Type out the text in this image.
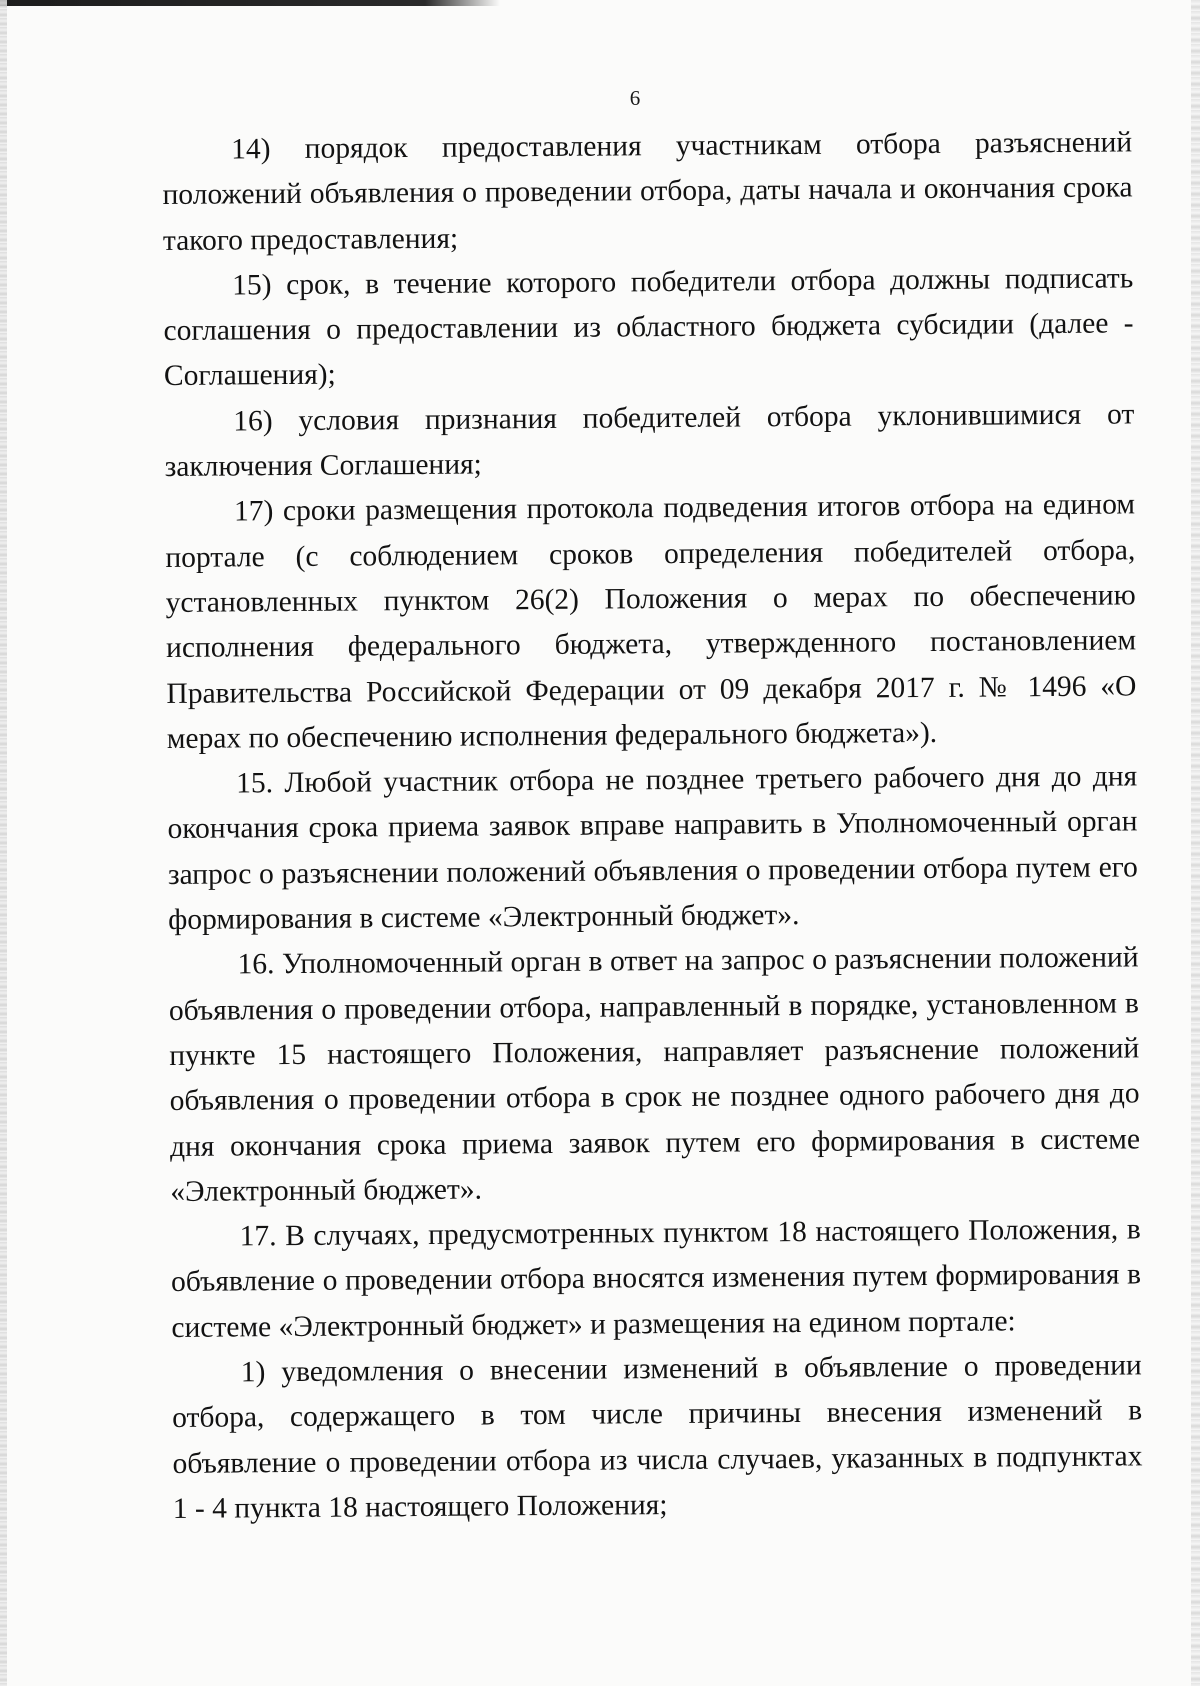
6

14) порядок предоставления участникам отбора разъяснений положений объявления о проведении отбора, даты начала и окончания срока такого предоставления;

15) срок, в течение которого победители отбора должны подписать соглашения о предоставлении из областного бюджета субсидии (далее - Соглашения);

16) условия признания победителей отбора уклонившимися от заключения Соглашения;

17) сроки размещения протокола подведения итогов отбора на едином портале (с соблюдением сроков определения победителей отбора, установленных пунктом 26(2) Положения о мерах по обеспечению исполнения федерального бюджета, утвержденного постановлением Правительства Российской Федерации от 09 декабря 2017 г. № 1496 «О мерах по обеспечению исполнения федерального бюджета»).

15. Любой участник отбора не позднее третьего рабочего дня до дня окончания срока приема заявок вправе направить в Уполномоченный орган запрос о разъяснении положений объявления о проведении отбора путем его формирования в системе «Электронный бюджет».

16. Уполномоченный орган в ответ на запрос о разъяснении положений объявления о проведении отбора, направленный в порядке, установленном в пункте 15 настоящего Положения, направляет разъяснение положений объявления о проведении отбора в срок не позднее одного рабочего дня до дня окончания срока приема заявок путем его формирования в системе «Электронный бюджет».

17. В случаях, предусмотренных пунктом 18 настоящего Положения, в объявление о проведении отбора вносятся изменения путем формирования в системе «Электронный бюджет» и размещения на едином портале:

1) уведомления о внесении изменений в объявление о проведении отбора, содержащего в том числе причины внесения изменений в объявление о проведении отбора из числа случаев, указанных в подпунктах 1 - 4 пункта 18 настоящего Положения;
